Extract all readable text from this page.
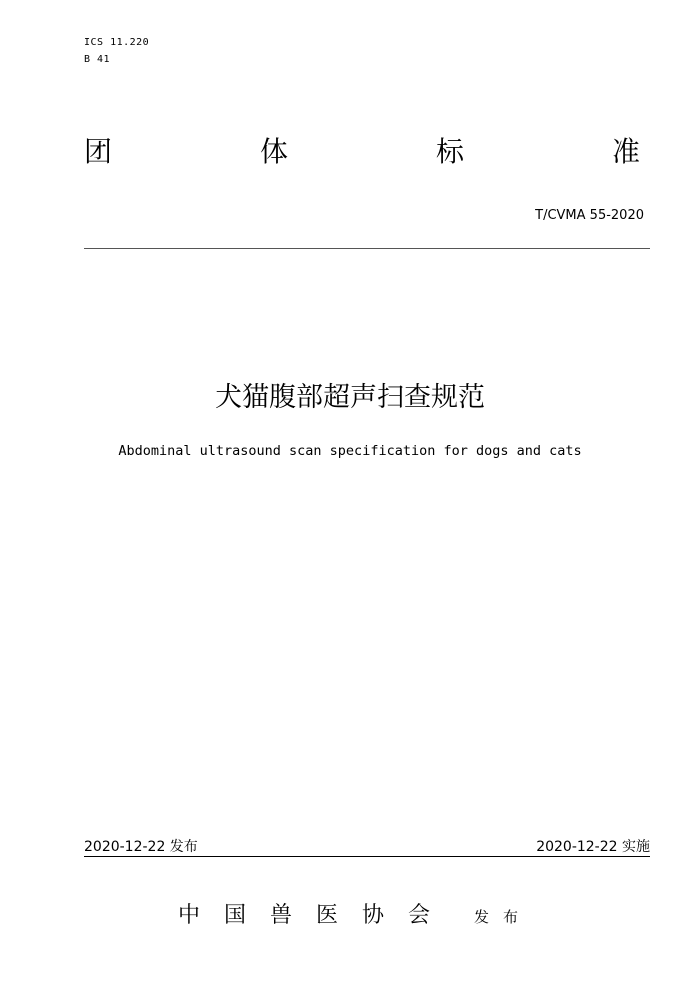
ICS 11.220
B 41
团	体	标	准
T/CVMA 55-2020
犬猫腹部超声扫查规范
Abdominal ultrasound scan specification for dogs and cats
2020-12-22 发布	2020-12-22 实施
中国兽医协会 发布
